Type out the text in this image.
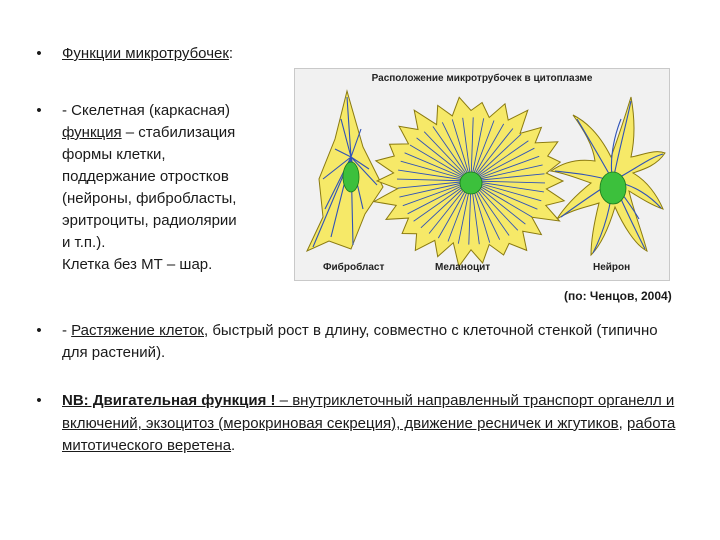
• Функции микротрубочек:
• - Скелетная (каркасная)
функция – стабилизация
формы клетки,
поддержание отростков
(нейроны, фибробласты,
эритроциты, радиолярии
и т.п.).
Клетка без МТ – шар.
Расположение микротрубочек в цитоплазме
Фибробласт	Меланоцит	Нейрон
(по: Ченцов, 2004)
• - Растяжение клеток, быстрый рост в длину, совместно с клеточной стенкой (типично для растений).
• NB: Двигательная функция ! – внутриклеточный направленный транспорт органелл и включений, экзоцитоз (мерокриновая секреция), движение ресничек и жгутиков, работа митотического веретена.
